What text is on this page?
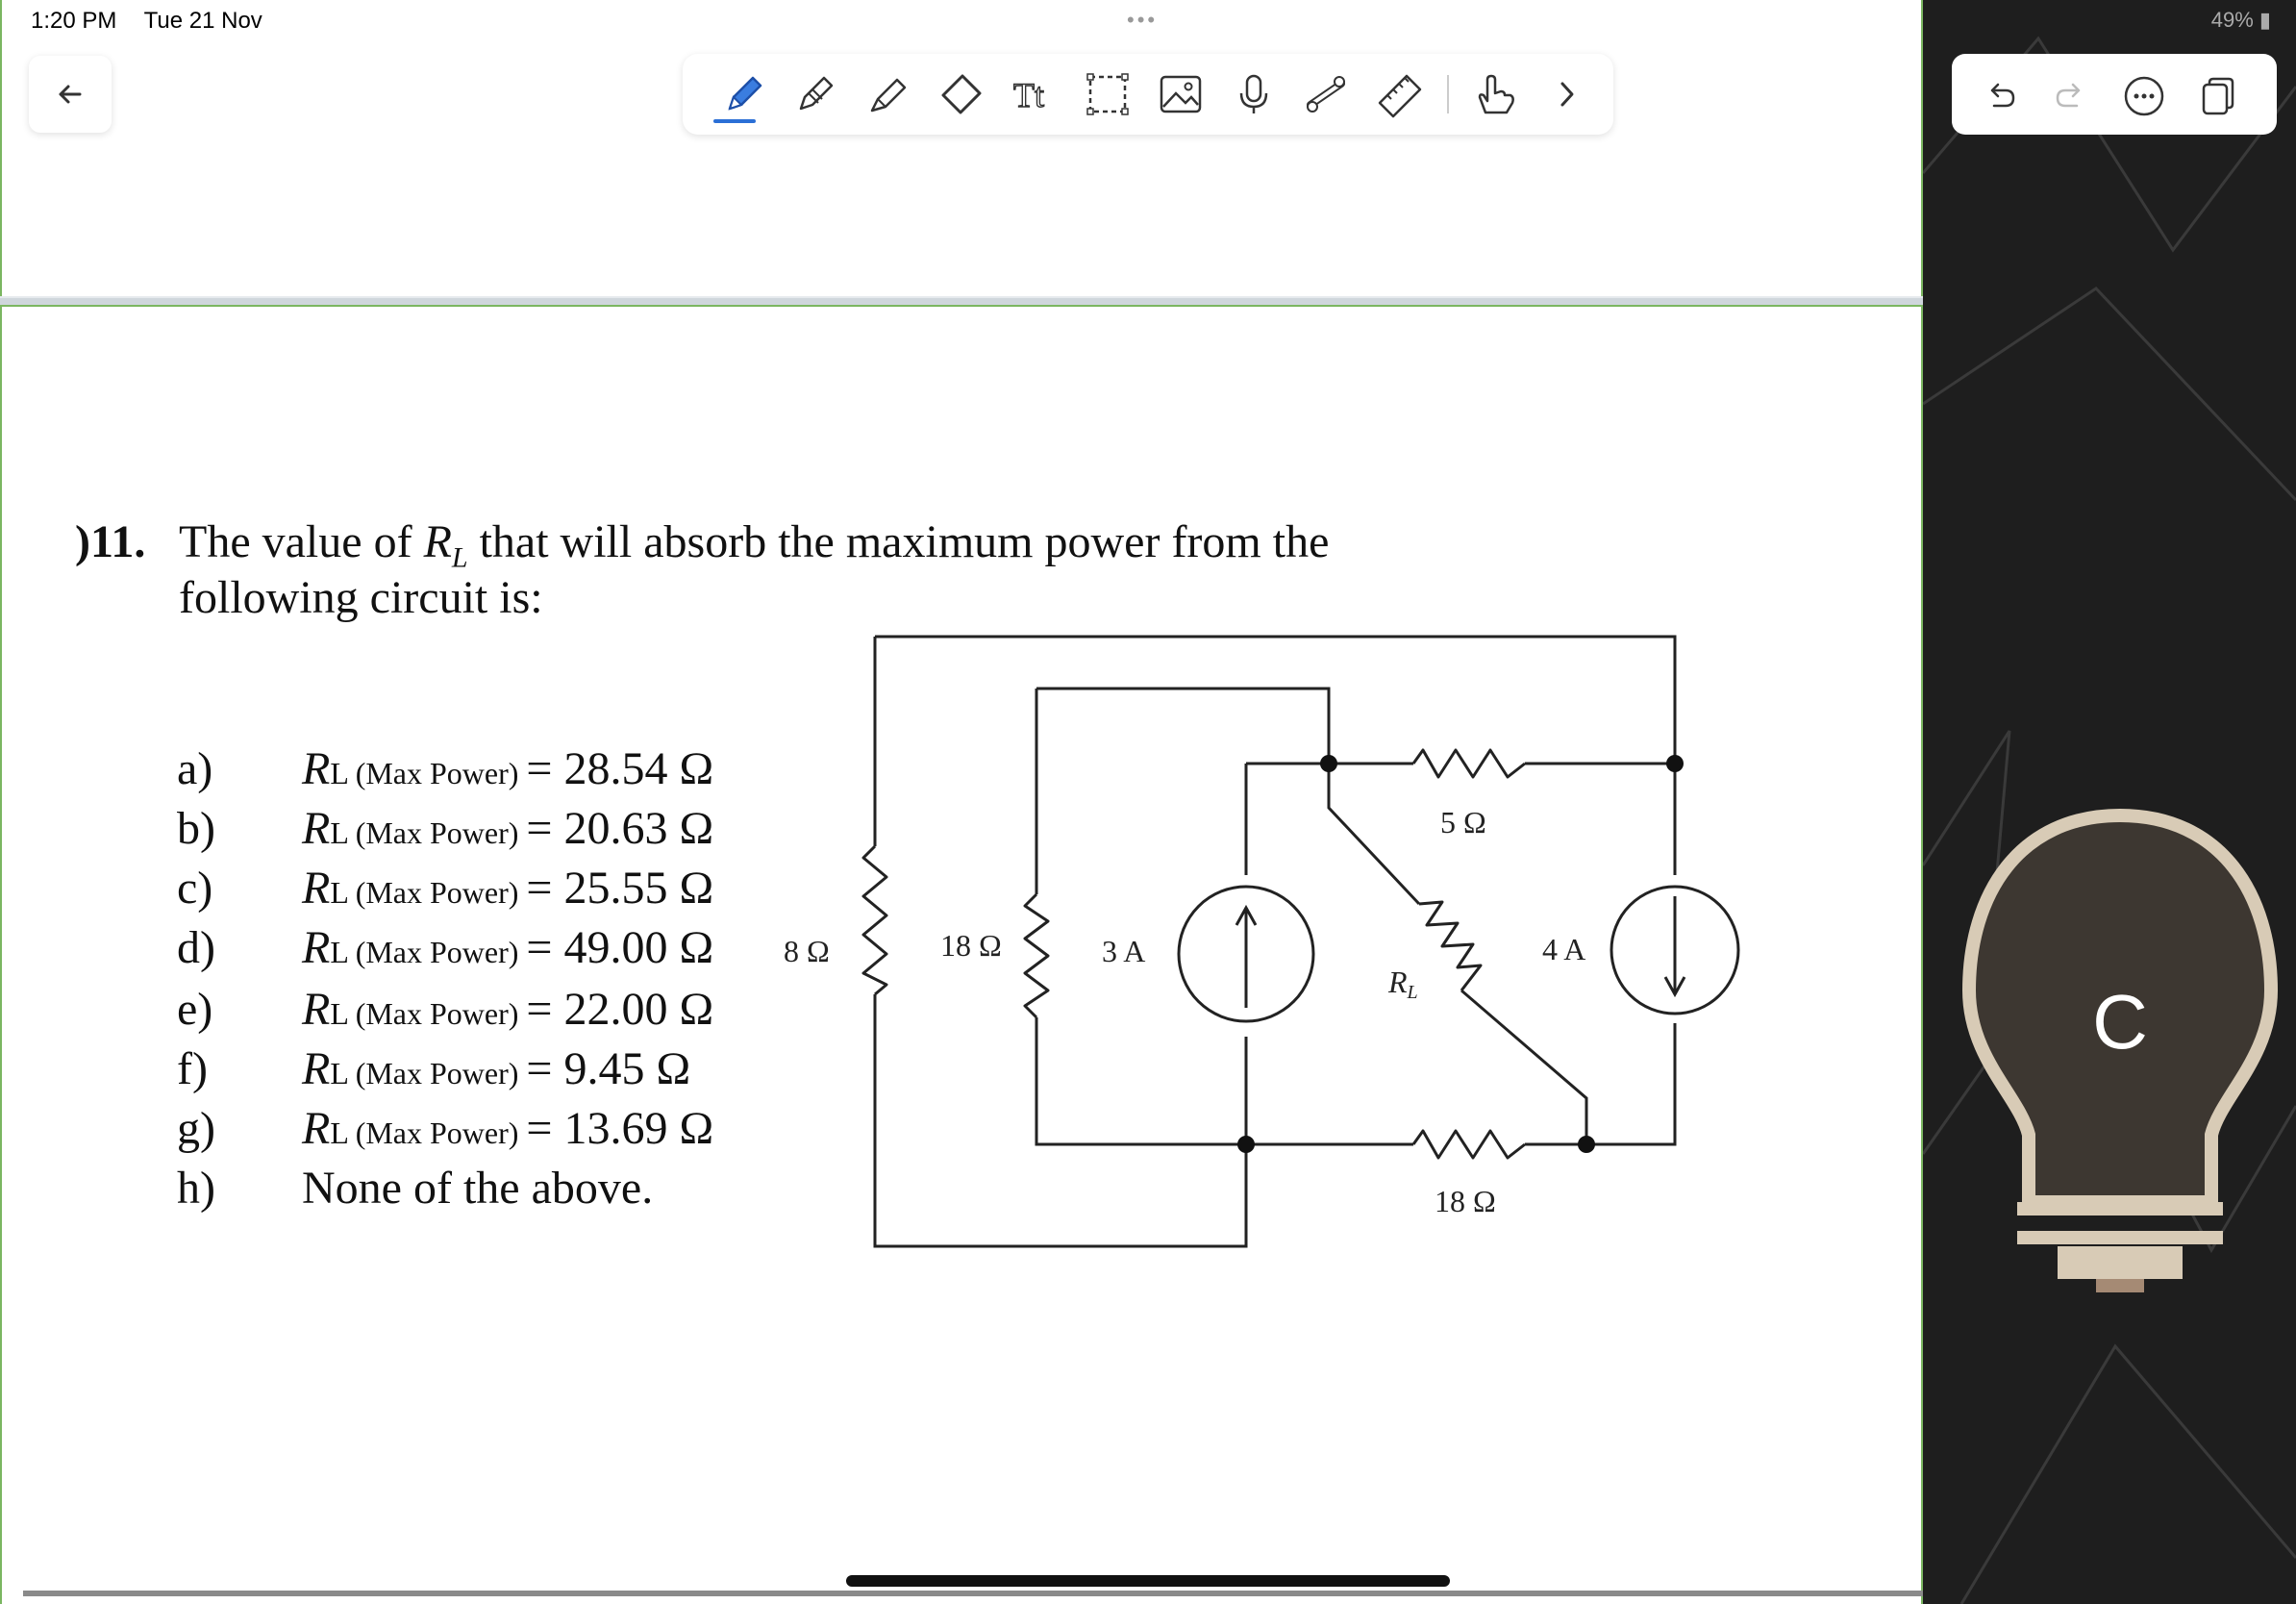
1:20 PM Tue 21 Nov	•••
Tt
)11. The value of $R_L$ that will absorb the maximum power from the
following circuit is:
a) RL (Max Power) = 28.54 Ω
b) RL (Max Power) = 20.63 Ω
c) RL (Max Power) = 25.55 Ω
d) RL (Max Power) = 49.00 Ω
e) RL (Max Power) = 22.00 Ω
f) RL (Max Power) = 9.45 Ω
g) RL (Max Power) = 13.69 Ω
h) None of the above.
8 Ω	18 Ω	3 A
5 Ω
RL
4 A
18 Ω
49% ▮
C
